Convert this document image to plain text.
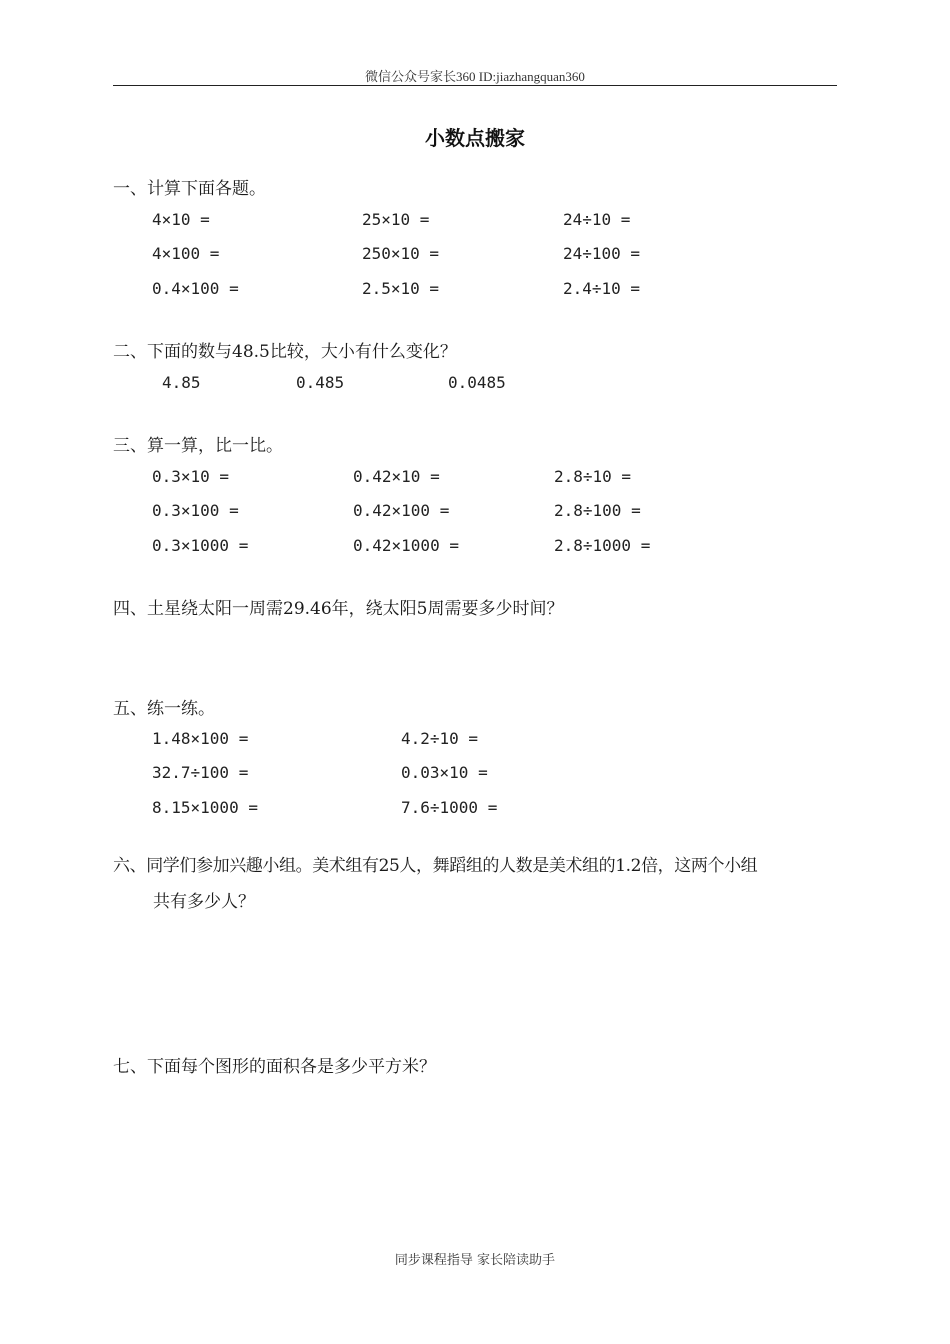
微信公众号家长360 ID:jiazhangquan360
小数点搬家
一、计算下面各题。
4×10 =	25×10 =	24÷10 =
4×100 =	250×10 =	24÷100 =
0.4×100 =	2.5×10 =	2.4÷10 =
二、下面的数与48.5比较，大小有什么变化？
4.85	0.485	0.0485
三、算一算，比一比。
0.3×10 =	0.42×10 =	2.8÷10 =
0.3×100 =	0.42×100 =	2.8÷100 =
0.3×1000 =	0.42×1000 =	2.8÷1000 =
四、土星绕太阳一周需29.46年，绕太阳5周需要多少时间？
五、练一练。
1.48×100 =	4.2÷10 =
32.7÷100 =	0.03×10 =
8.15×1000 =	7.6÷1000 =
六、同学们参加兴趣小组。美术组有25人，舞蹈组的人数是美术组的1.2倍，这两个小组
共有多少人？
七、下面每个图形的面积各是多少平方米？
同步课程指导 家长陪读助手
